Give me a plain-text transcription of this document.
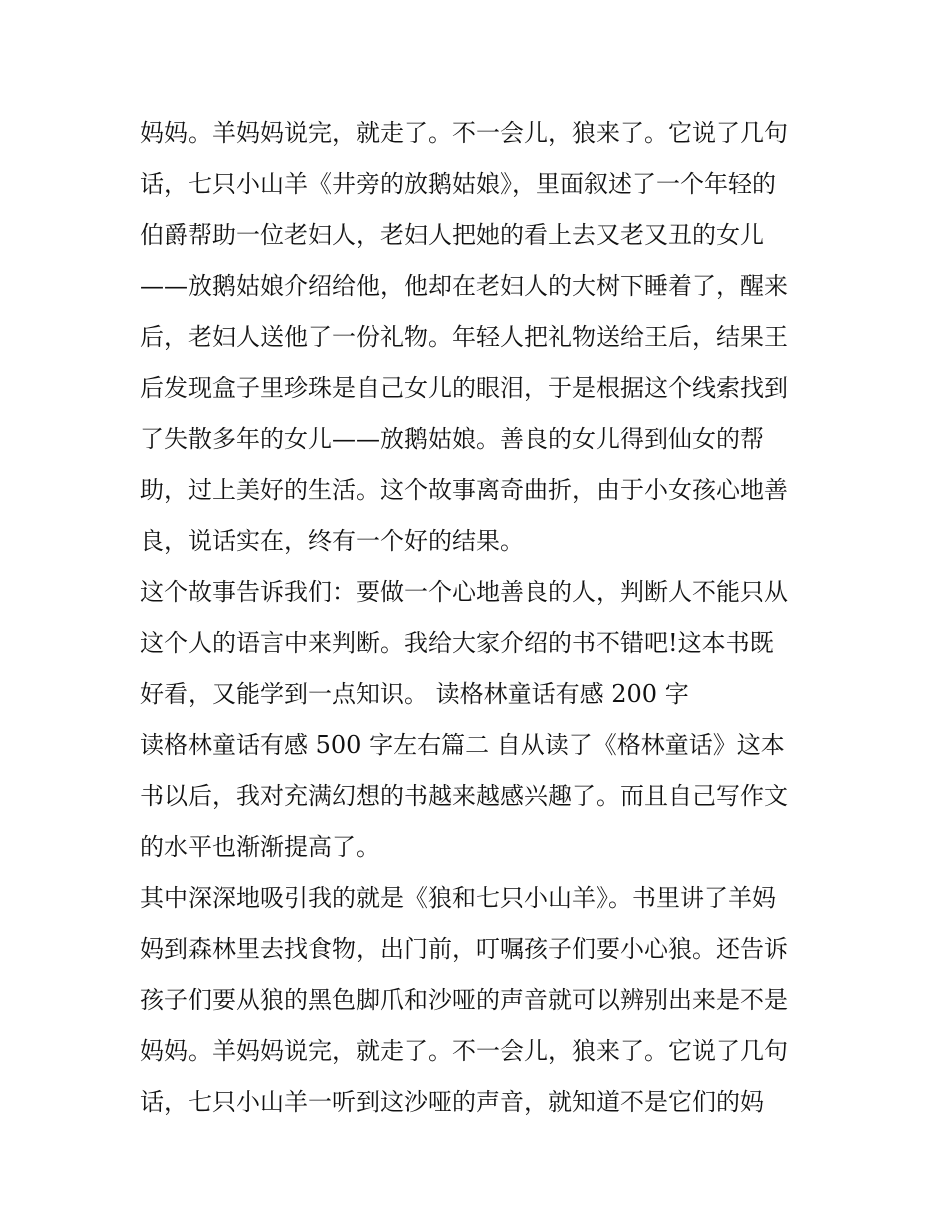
妈妈。羊妈妈说完，就走了。不一会儿，狼来了。它说了几句
话，七只小山羊《井旁的放鹅姑娘》，里面叙述了一个年轻的
伯爵帮助一位老妇人，老妇人把她的看上去又老又丑的女儿
——放鹅姑娘介绍给他，他却在老妇人的大树下睡着了，醒来
后，老妇人送他了一份礼物。年轻人把礼物送给王后，结果王
后发现盒子里珍珠是自己女儿的眼泪，于是根据这个线索找到
了失散多年的女儿——放鹅姑娘。善良的女儿得到仙女的帮
助，过上美好的生活。这个故事离奇曲折，由于小女孩心地善
良，说话实在，终有一个好的结果。
这个故事告诉我们：要做一个心地善良的人，判断人不能只从
这个人的语言中来判断。我给大家介绍的书不错吧!这本书既
好看，又能学到一点知识。 读格林童话有感 200 字
读格林童话有感 500 字左右篇二 自从读了《格林童话》这本
书以后，我对充满幻想的书越来越感兴趣了。而且自己写作文
的水平也渐渐提高了。
其中深深地吸引我的就是《狼和七只小山羊》。书里讲了羊妈
妈到森林里去找食物，出门前，叮嘱孩子们要小心狼。还告诉
孩子们要从狼的黑色脚爪和沙哑的声音就可以辨别出来是不是
妈妈。羊妈妈说完，就走了。不一会儿，狼来了。它说了几句
话，七只小山羊一听到这沙哑的声音，就知道不是它们的妈
